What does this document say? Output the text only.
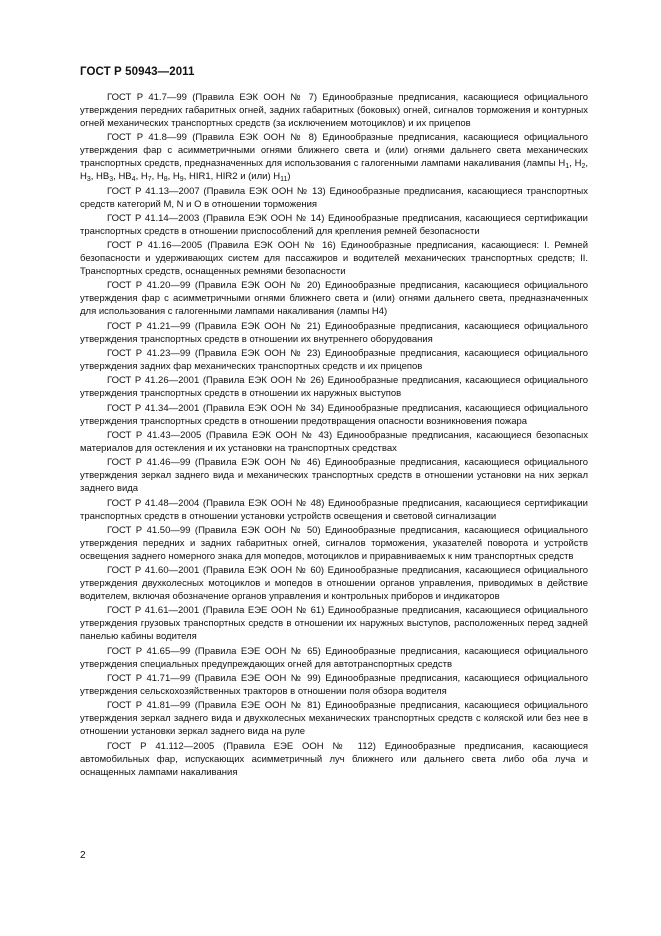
ГОСТ Р 50943—2011

ГОСТ Р 41.7—99 (Правила ЕЭК ООН № 7) Единообразные предписания, касающиеся официального утверждения передних габаритных огней, задних габаритных (боковых) огней, сигналов торможения и контурных огней механических транспортных средств (за исключением мотоциклов) и их прицепов

ГОСТ Р 41.8—99 (Правила ЕЭК ООН № 8) Единообразные предписания, касающиеся официального утверждения фар с асимметричными огнями ближнего света и (или) огнями дальнего света механических транспортных средств, предназначенных для использования с галогенными лампами накаливания (лампы $H_1$, $H_2$, $H_3$, $HB_3$, $HB_4$, $H_7$, $H_8$, $H_9$, HIR1, HIR2 и (или) $H_{11}$)

ГОСТ Р 41.13—2007 (Правила ЕЭК ООН № 13) Единообразные предписания, касающиеся транспортных средств категорий M, N и O в отношении торможения

ГОСТ Р 41.14—2003 (Правила ЕЭК ООН № 14) Единообразные предписания, касающиеся сертификации транспортных средств в отношении приспособлений для крепления ремней безопасности

ГОСТ Р 41.16—2005 (Правила ЕЭК ООН № 16) Единообразные предписания, касающиеся: I. Ремней безопасности и удерживающих систем для пассажиров и водителей механических транспортных средств; II. Транспортных средств, оснащенных ремнями безопасности

ГОСТ Р 41.20—99 (Правила ЕЭК ООН № 20) Единообразные предписания, касающиеся официального утверждения фар с асимметричными огнями ближнего света и (или) огнями дальнего света, предназначенных для использования с галогенными лампами накаливания (лампы H4)

ГОСТ Р 41.21—99 (Правила ЕЭК ООН № 21) Единообразные предписания, касающиеся официального утверждения транспортных средств в отношении их внутреннего оборудования

ГОСТ Р 41.23—99 (Правила ЕЭК ООН № 23) Единообразные предписания, касающиеся официального утверждения задних фар механических транспортных средств и их прицепов

ГОСТ Р 41.26—2001 (Правила ЕЭК ООН № 26) Единообразные предписания, касающиеся официального утверждения транспортных средств в отношении их наружных выступов

ГОСТ Р 41.34—2001 (Правила ЕЭК ООН № 34) Единообразные предписания, касающиеся официального утверждения транспортных средств в отношении предотвращения опасности возникновения пожара

ГОСТ Р 41.43—2005 (Правила ЕЭК ООН № 43) Единообразные предписания, касающиеся безопасных материалов для остекления и их установки на транспортных средствах

ГОСТ Р 41.46—99 (Правила ЕЭК ООН № 46) Единообразные предписания, касающиеся официального утверждения зеркал заднего вида и механических транспортных средств в отношении установки на них зеркал заднего вида

ГОСТ Р 41.48—2004 (Правила ЕЭК ООН № 48) Единообразные предписания, касающиеся сертификации транспортных средств в отношении установки устройств освещения и световой сигнализации

ГОСТ Р 41.50—99 (Правила ЕЭК ООН № 50) Единообразные предписания, касающиеся официального утверждения передних и задних габаритных огней, сигналов торможения, указателей поворота и устройств освещения заднего номерного знака для мопедов, мотоциклов и приравниваемых к ним транспортных средств

ГОСТ Р 41.60—2001 (Правила ЕЭК ООН № 60) Единообразные предписания, касающиеся официального утверждения двухколесных мотоциклов и мопедов в отношении органов управления, приводимых в действие водителем, включая обозначение органов управления и контрольных приборов и индикаторов

ГОСТ Р 41.61—2001 (Правила ЕЭЕ ООН № 61) Единообразные предписания, касающиеся официального утверждения грузовых транспортных средств в отношении их наружных выступов, расположенных перед задней панелью кабины водителя

ГОСТ Р 41.65—99 (Правила ЕЭЕ ООН № 65) Единообразные предписания, касающиеся официального утверждения специальных предупреждающих огней для автотранспортных средств

ГОСТ Р 41.71—99 (Правила ЕЭЕ ООН № 99) Единообразные предписания, касающиеся официального утверждения сельскохозяйственных тракторов в отношении поля обзора водителя

ГОСТ Р 41.81—99 (Правила ЕЭЕ ООН № 81) Единообразные предписания, касающиеся официального утверждения зеркал заднего вида и двухколесных механических транспортных средств с коляской или без нее в отношении установки зеркал заднего вида на руле

ГОСТ Р 41.112—2005 (Правила ЕЭЕ ООН № 112) Единообразные предписания, касающиеся автомобильных фар, испускающих асимметричный луч ближнего или дальнего света либо оба луча и оснащенных лампами накаливания

2
